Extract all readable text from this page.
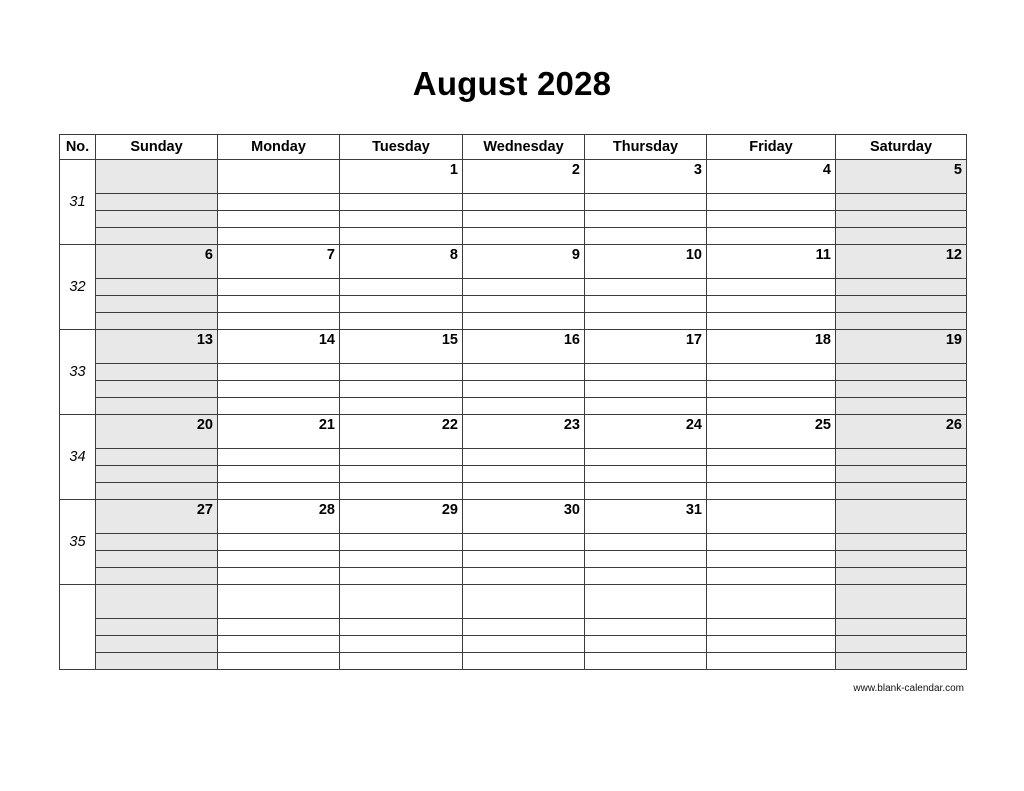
August 2028
No.	Sunday	Monday	Tuesday	Wednesday	Thursday	Friday	Saturday
31			1	2	3	4	5

32	6	7	8	9	10	11	12

33	13	14	15	16	17	18	19

34	20	21	22	23	24	25	26

35	27	28	29	30	31		

www.blank-calendar.com
